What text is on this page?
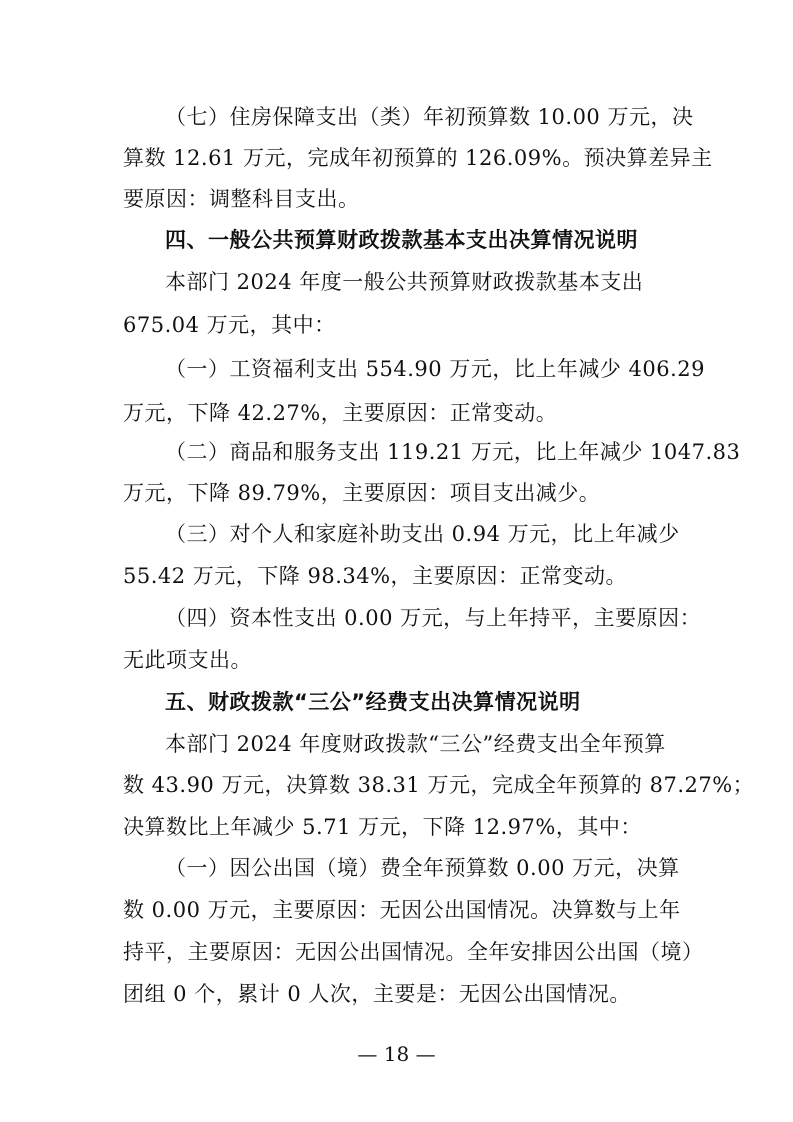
（七）住房保障支出（类）年初预算数 10.00 万元，决
算数 12.61 万元，完成年初预算的 126.09%。预决算差异主
要原因：调整科目支出。
四、一般公共预算财政拨款基本支出决算情况说明
本部门 2024 年度一般公共预算财政拨款基本支出
675.04 万元，其中：
（一）工资福利支出 554.90 万元，比上年减少 406.29
万元，下降 42.27%，主要原因：正常变动。
（二）商品和服务支出 119.21 万元，比上年减少 1047.83
万元，下降 89.79%，主要原因：项目支出减少。
（三）对个人和家庭补助支出 0.94 万元，比上年减少
55.42 万元，下降 98.34%，主要原因：正常变动。
（四）资本性支出 0.00 万元，与上年持平，主要原因：
无此项支出。
五、财政拨款“三公”经费支出决算情况说明
本部门 2024 年度财政拨款“三公”经费支出全年预算
数 43.90 万元，决算数 38.31 万元，完成全年预算的 87.27%；
决算数比上年减少 5.71 万元，下降 12.97%，其中：
（一）因公出国（境）费全年预算数 0.00 万元，决算
数 0.00 万元，主要原因：无因公出国情况。决算数与上年
持平，主要原因：无因公出国情况。全年安排因公出国（境）
团组 0 个，累计 0 人次，主要是：无因公出国情况。
— 18 —
